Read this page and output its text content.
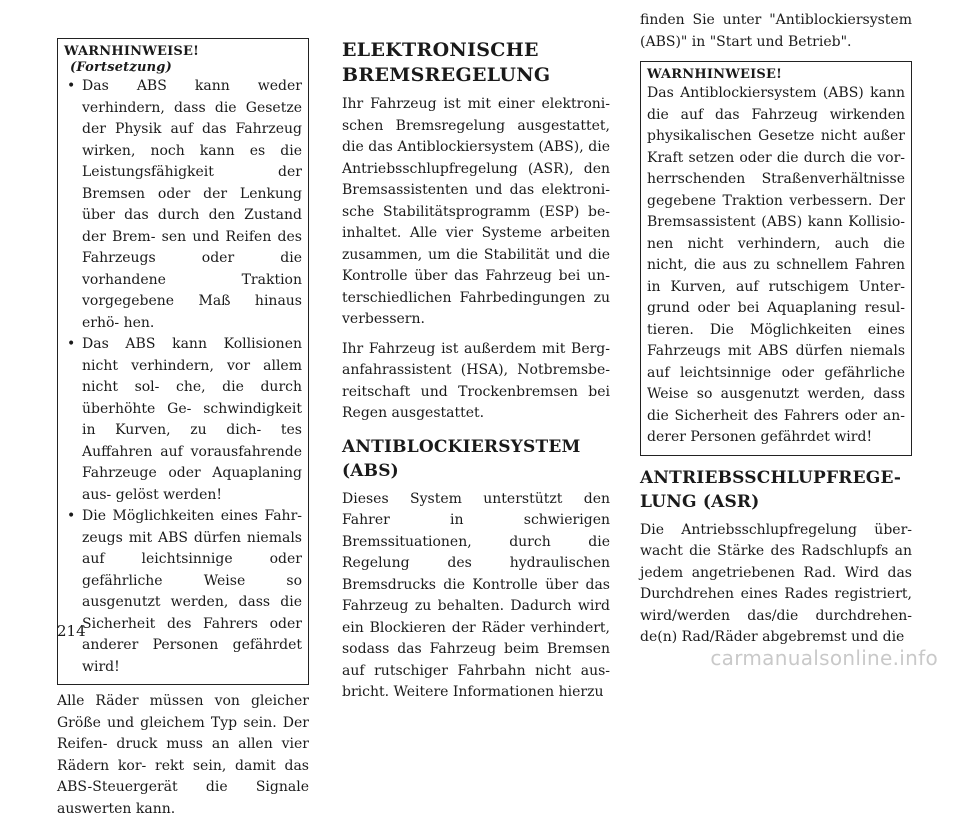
WARNHINWEISE!(Fortsetzung)
• Das ABS kann weder verhindern, dass die Gesetze der Physik auf das Fahrzeug wirken, noch kann es die Leistungsfähigkeit der Bremsen oder der Lenkung über das durch den Zustand der Brem- sen und Reifen des Fahrzeugs oder die vorhandene Traktion vorgegebene Maß hinaus erhö- hen.
• Das ABS kann Kollisionen nicht verhindern, vor allem nicht sol- che, die durch überhöhte Ge- schwindigkeit in Kurven, zu dich- tes Auffahren auf vorausfahrende Fahrzeuge oder Aquaplaning aus- gelöst werden!
• Die Möglichkeiten eines Fahr- zeugs mit ABS dürfen niemals auf leichtsinnige oder gefährliche Weise so ausgenutzt werden, dass die Sicherheit des Fahrers oder anderer Personen gefährdet wird!

Alle Räder müssen von gleicher Größe und gleichem Typ sein. Der Reifen- druck muss an allen vier Rädern kor- rekt sein, damit das ABS-Steuergerät die Signale auswerten kann.

ELEKTRONISCHE BREMSREGELUNG

Ihr Fahrzeug ist mit einer elektroni- schen Bremsregelung ausgestattet, die das Antiblockiersystem (ABS), die Antriebsschlupfregelung (ASR), den Bremsassistenten und das elektroni- sche Stabilitätsprogramm (ESP) be- inhaltet. Alle vier Systeme arbeiten zusammen, um die Stabilität und die Kontrolle über das Fahrzeug bei un- terschiedlichen Fahrbedingungen zu verbessern.

Ihr Fahrzeug ist außerdem mit Berg- anfahrassistent (HSA), Notbremsbe- reitschaft und Trockenbremsen bei Regen ausgestattet.

ANTIBLOCKIERSYSTEM (ABS)

Dieses System unterstützt den Fahrer in schwierigen Bremssituationen, durch die Regelung des hydraulischen Bremsdrucks die Kontrolle über das Fahrzeug zu behalten. Dadurch wird ein Blockieren der Räder verhindert, sodass das Fahrzeug beim Bremsen auf rutschiger Fahrbahn nicht aus- bricht. Weitere Informationen hierzu

finden Sie unter "Antiblockiersystem (ABS)" in "Start und Betrieb".

WARNHINWEISE!

Das Antiblockiersystem (ABS) kann die auf das Fahrzeug wirkenden physikalischen Gesetze nicht außer Kraft setzen oder die durch die vor- herrschenden Straßenverhältnisse gegebene Traktion verbessern. Der Bremsassistent (ABS) kann Kollisio- nen nicht verhindern, auch die nicht, die aus zu schnellem Fahren in Kurven, auf rutschigem Unter- grund oder bei Aquaplaning resul- tieren. Die Möglichkeiten eines Fahrzeugs mit ABS dürfen niemals auf leichtsinnige oder gefährliche Weise so ausgenutzt werden, dass die Sicherheit des Fahrers oder an- derer Personen gefährdet wird!

ANTRIEBSSCHLUPFREGE- LUNG (ASR)

Die Antriebsschlupfregelung über- wacht die Stärke des Radschlupfs an jedem angetriebenen Rad. Wird das Durchdrehen eines Rades registriert, wird/werden das/die durchdrehen- de(n) Rad/Räder abgebremst und die

214
carmanualsonline.info
